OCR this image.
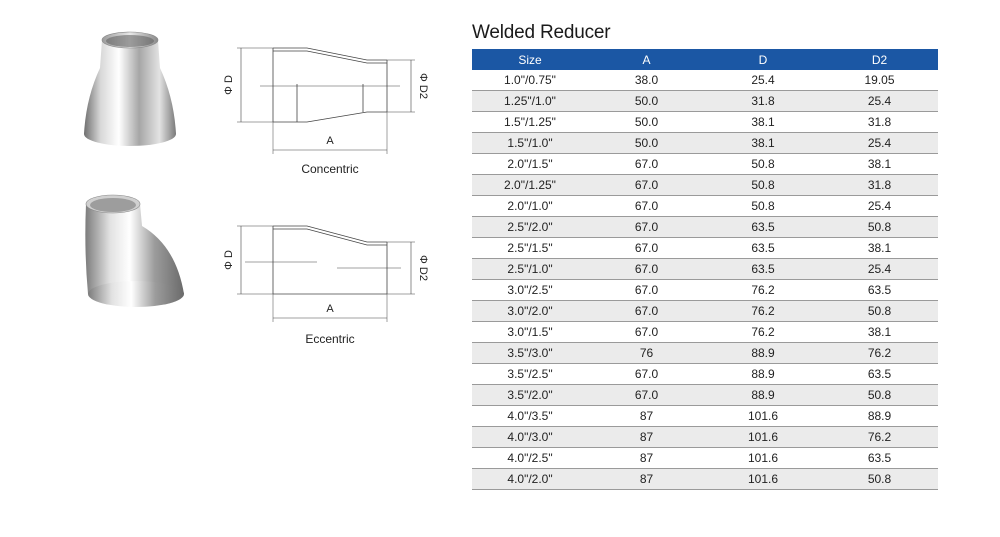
Φ D	Φ D2
A
Concentric
Φ D	Φ D2
A
Eccentric
Welded Reducer
Size	A	D	D2
1.0"/0.75"	38.0	25.4	19.05
1.25"/1.0"	50.0	31.8	25.4
1.5"/1.25"	50.0	38.1	31.8
1.5"/1.0"	50.0	38.1	25.4
2.0"/1.5"	67.0	50.8	38.1
2.0"/1.25"	67.0	50.8	31.8
2.0"/1.0"	67.0	50.8	25.4
2.5"/2.0"	67.0	63.5	50.8
2.5"/1.5"	67.0	63.5	38.1
2.5"/1.0"	67.0	63.5	25.4
3.0"/2.5"	67.0	76.2	63.5
3.0"/2.0"	67.0	76.2	50.8
3.0"/1.5"	67.0	76.2	38.1
3.5"/3.0"	76	88.9	76.2
3.5"/2.5"	67.0	88.9	63.5
3.5"/2.0"	67.0	88.9	50.8
4.0"/3.5"	87	101.6	88.9
4.0"/3.0"	87	101.6	76.2
4.0"/2.5"	87	101.6	63.5
4.0"/2.0"	87	101.6	50.8
